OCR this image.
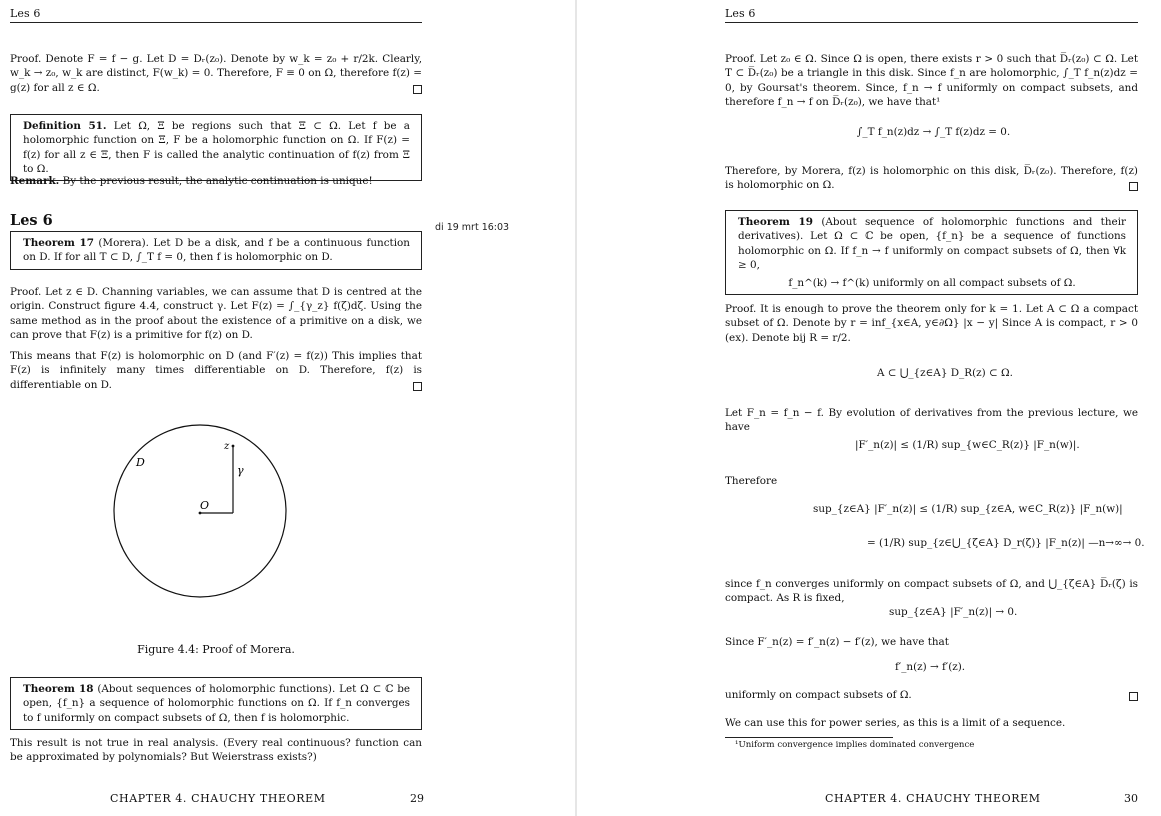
Les 6
Proof. Denote F = f − g. Let D = Dᵣ(z₀). Denote by w_k = z₀ + r/2k. Clearly, w_k → z₀, w_k are distinct, F(w_k) = 0. Therefore, F ≡ 0 on Ω, therefore f(z) = g(z) for all z ∈ Ω.
Definition 51. Let Ω, Ξ be regions such that Ξ ⊂ Ω. Let f be a holomorphic function on Ξ, F be a holomorphic function on Ω. If F(z) = f(z) for all z ∈ Ξ, then F is called the analytic continuation of f(z) from Ξ to Ω.
Remark. By the previous result, the analytic continuation is unique!
Les 6	di 19 mrt 16:03
Theorem 17 (Morera). Let D be a disk, and f be a continuous function on D. If for all T ⊂ D, ∫_T f = 0, then f is holomorphic on D.
Proof. Let z ∈ D. Channing variables, we can assume that D is centred at the origin. Construct figure 4.4, construct γ. Let F(z) = ∫_{γ_z} f(ζ)dζ. Using the same method as in the proof about the existence of a primitive on a disk, we can prove that F(z) is a primitive for f(z) on D.
This means that F(z) is holomorphic on D (and F′(z) = f(z)) This implies that F(z) is infinitely many times differentiable on D. Therefore, f(z) is differentiable on D.
D
O
z
γ
Figure 4.4: Proof of Morera.
Theorem 18 (About sequences of holomorphic functions). Let Ω ⊂ ℂ be open, {f_n} a sequence of holomorphic functions on Ω. If f_n converges to f uniformly on compact subsets of Ω, then f is holomorphic.
This result is not true in real analysis. (Every real continuous? function can be approximated by polynomials? But Weierstrass exists?)
CHAPTER 4. CHAUCHY THEOREM	29
Les 6
Proof. Let z₀ ∈ Ω. Since Ω is open, there exists r > 0 such that D̅ᵣ(z₀) ⊂ Ω. Let T ⊂ D̅ᵣ(z₀) be a triangle in this disk. Since f_n are holomorphic, ∫_T f_n(z)dz = 0, by Goursat's theorem. Since, f_n → f uniformly on compact subsets, and therefore f_n → f on D̅ᵣ(z₀), we have that¹
∫_T f_n(z)dz → ∫_T f(z)dz = 0.
Therefore, by Morera, f(z) is holomorphic on this disk, D̅ᵣ(z₀). Therefore, f(z) is holomorphic on Ω.
Theorem 19 (About sequence of holomorphic functions and their derivatives). Let Ω ⊂ ℂ be open, {f_n} be a sequence of functions holomorphic on Ω. If f_n → f uniformly on compact subsets of Ω, then ∀k ≥ 0,
f_n^(k) → f^(k) uniformly on all compact subsets of Ω.
Proof. It is enough to prove the theorem only for k = 1. Let A ⊂ Ω a compact subset of Ω. Denote by r = inf_{x∈A, y∈∂Ω} |x − y| Since A is compact, r > 0 (ex). Denote bij R = r/2.
A ⊂ ⋃_{z∈A} D_R(z) ⊂ Ω.
Let F_n = f_n − f. By evolution of derivatives from the previous lecture, we have
|F′_n(z)| ≤ (1/R) sup_{w∈C_R(z)} |F_n(w)|.
Therefore
sup_{z∈A} |F′_n(z)| ≤ (1/R) sup_{z∈A, w∈C_R(z)} |F_n(w)|
= (1/R) sup_{z∈⋃_{ζ∈A} D_r(ζ)} |F_n(z)| —n→∞→ 0.
since f_n converges uniformly on compact subsets of Ω, and ⋃_{ζ∈A} D̅ᵣ(ζ) is compact. As R is fixed,
sup_{z∈A} |F′_n(z)| → 0.
Since F′_n(z) = f′_n(z) − f′(z), we have that
f′_n(z) → f′(z).
uniformly on compact subsets of Ω.
We can use this for power series, as this is a limit of a sequence.
¹Uniform convergence implies dominated convergence
CHAPTER 4. CHAUCHY THEOREM	30
